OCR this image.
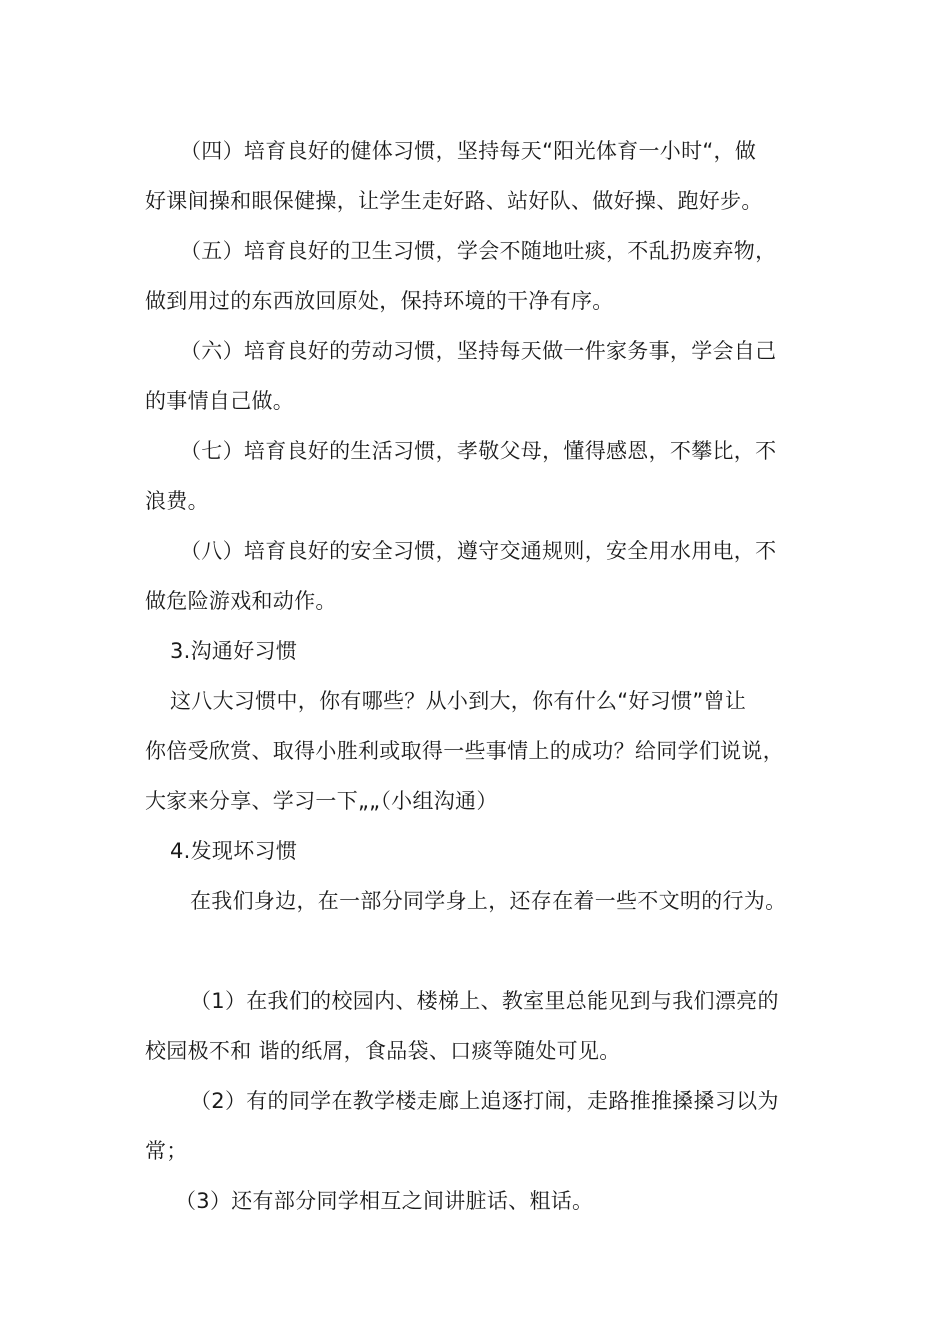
（四）培育良好的健体习惯，坚持每天“阳光体育一小时“，做
好课间操和眼保健操，让学生走好路、站好队、做好操、跑好步。
（五）培育良好的卫生习惯，学会不随地吐痰，不乱扔废弃物，
做到用过的东西放回原处，保持环境的干净有序。
（六）培育良好的劳动习惯，坚持每天做一件家务事，学会自己
的事情自己做。
（七）培育良好的生活习惯，孝敬父母，懂得感恩，不攀比，不
浪费。
（八）培育良好的安全习惯，遵守交通规则，安全用水用电，不
做危险游戏和动作。
3.沟通好习惯
这八大习惯中，你有哪些？从小到大，你有什么“好习惯”曾让
你倍受欣赏、取得小胜利或取得一些事情上的成功？给同学们说说，
大家来分享、学习一下„„（小组沟通）
4.发现坏习惯
在我们身边，在一部分同学身上，还存在着一些不文明的行为。
（1）在我们的校园内、楼梯上、教室里总能见到与我们漂亮的
校园极不和 谐的纸屑，食品袋、口痰等随处可见。
（2）有的同学在教学楼走廊上追逐打闹，走路推推搡搡习以为
常；
（3）还有部分同学相互之间讲脏话、粗话。
